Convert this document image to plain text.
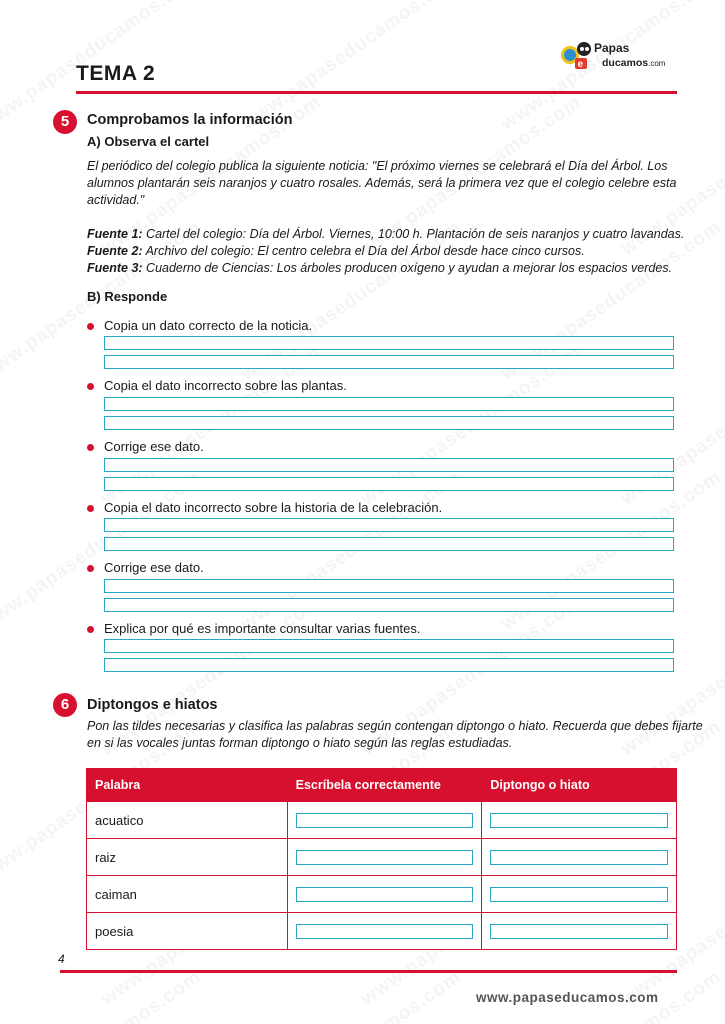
TEMA 2	e
Papas
ducamos.com
5	Comprobamos la información
A) Observa el cartel
El periódico del colegio publica la siguiente noticia: "El próximo viernes se celebrará el Día del Árbol. Los alumnos plantarán seis naranjos y cuatro rosales. Además, será la primera vez que el colegio celebre esta actividad."
Fuente 1: Cartel del colegio: Día del Árbol. Viernes, 10:00 h. Plantación de seis naranjos y cuatro lavandas.
Fuente 2: Archivo del colegio: El centro celebra el Día del Árbol desde hace cinco cursos.
Fuente 3: Cuaderno de Ciencias: Los árboles producen oxígeno y ayudan a mejorar los espacios verdes.
B) Responde
Copia un dato correcto de la noticia.
Copia el dato incorrecto sobre las plantas.
Corrige ese dato.
Copia el dato incorrecto sobre la historia de la celebración.
Corrige ese dato.
Explica por qué es importante consultar varias fuentes.
6	Diptongos e hiatos
Pon las tildes necesarias y clasifica las palabras según contengan diptongo o hiato. Recuerda que debes fijarte en si las vocales juntas forman diptongo o hiato según las reglas estudiadas.
Palabra	Escríbela correctamente	Diptongo o hiato
acuatico	

raiz	

caiman	

poesia	

4
www.papaseducamos.com
